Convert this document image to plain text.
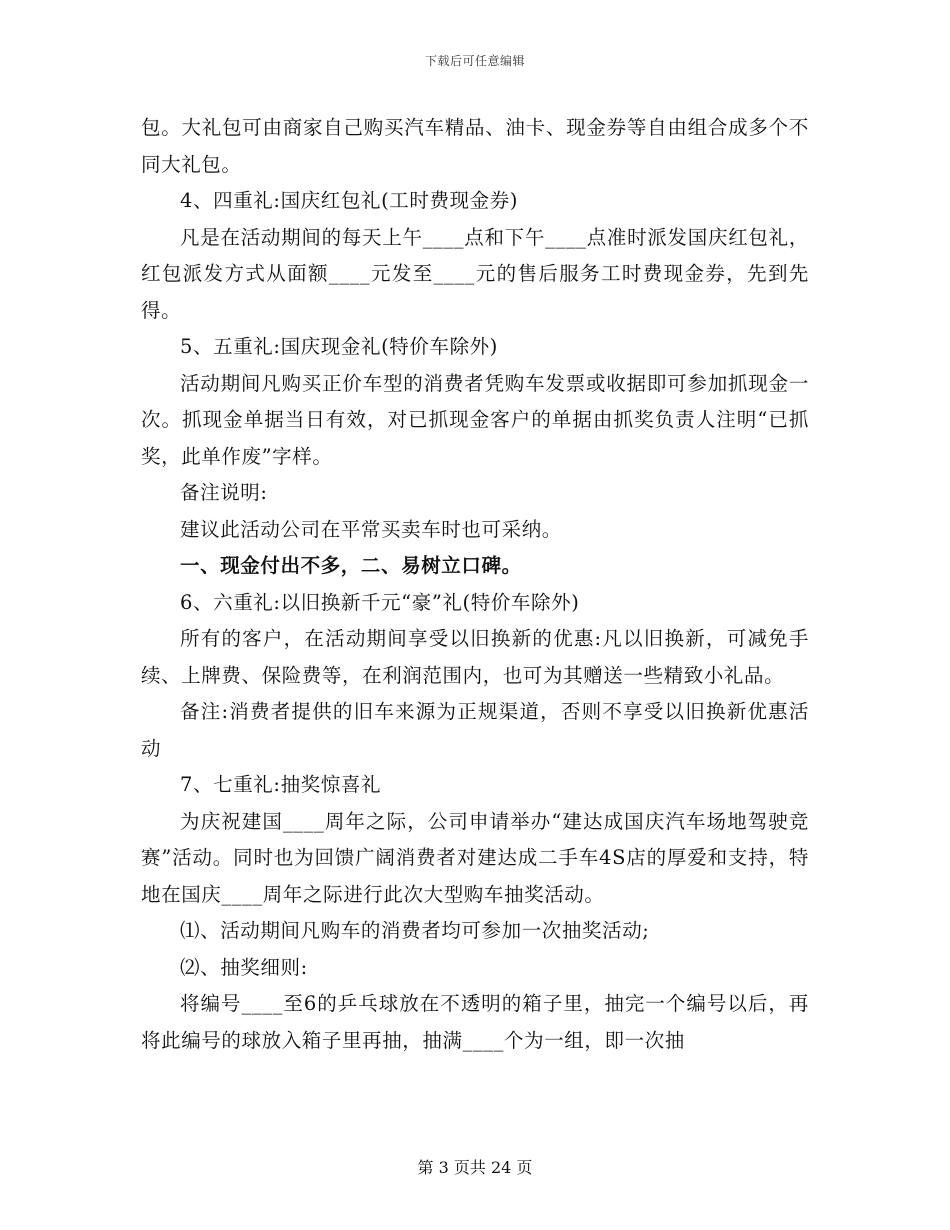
下载后可任意编辑

包。大礼包可由商家自己购买汽车精品、油卡、现金券等自由组合成多个不同大礼包。

4、四重礼:国庆红包礼(工时费现金券)

凡是在活动期间的每天上午____点和下午____点准时派发国庆红包礼，红包派发方式从面额____元发至____元的售后服务工时费现金券，先到先得。

5、五重礼:国庆现金礼(特价车除外)

活动期间凡购买正价车型的消费者凭购车发票或收据即可参加抓现金一次。抓现金单据当日有效，对已抓现金客户的单据由抓奖负责人注明“已抓奖，此单作废”字样。

备注说明:

建议此活动公司在平常买卖车时也可采纳。

一、现金付出不多，二、易树立口碑。

6、六重礼:以旧换新千元“豪”礼(特价车除外)

所有的客户，在活动期间享受以旧换新的优惠:凡以旧换新，可减免手续、上牌费、保险费等，在利润范围内，也可为其赠送一些精致小礼品。

备注:消费者提供的旧车来源为正规渠道，否则不享受以旧换新优惠活动

7、七重礼:抽奖惊喜礼

为庆祝建国____周年之际，公司申请举办“建达成国庆汽车场地驾驶竞赛”活动。同时也为回馈广阔消费者对建达成二手车4S店的厚爱和支持，特地在国庆____周年之际进行此次大型购车抽奖活动。

⑴、活动期间凡购车的消费者均可参加一次抽奖活动;

⑵、抽奖细则:

将编号____至6的乒乓球放在不透明的箱子里，抽完一个编号以后，再将此编号的球放入箱子里再抽，抽满____个为一组，即一次抽

第 3 页共 24 页
